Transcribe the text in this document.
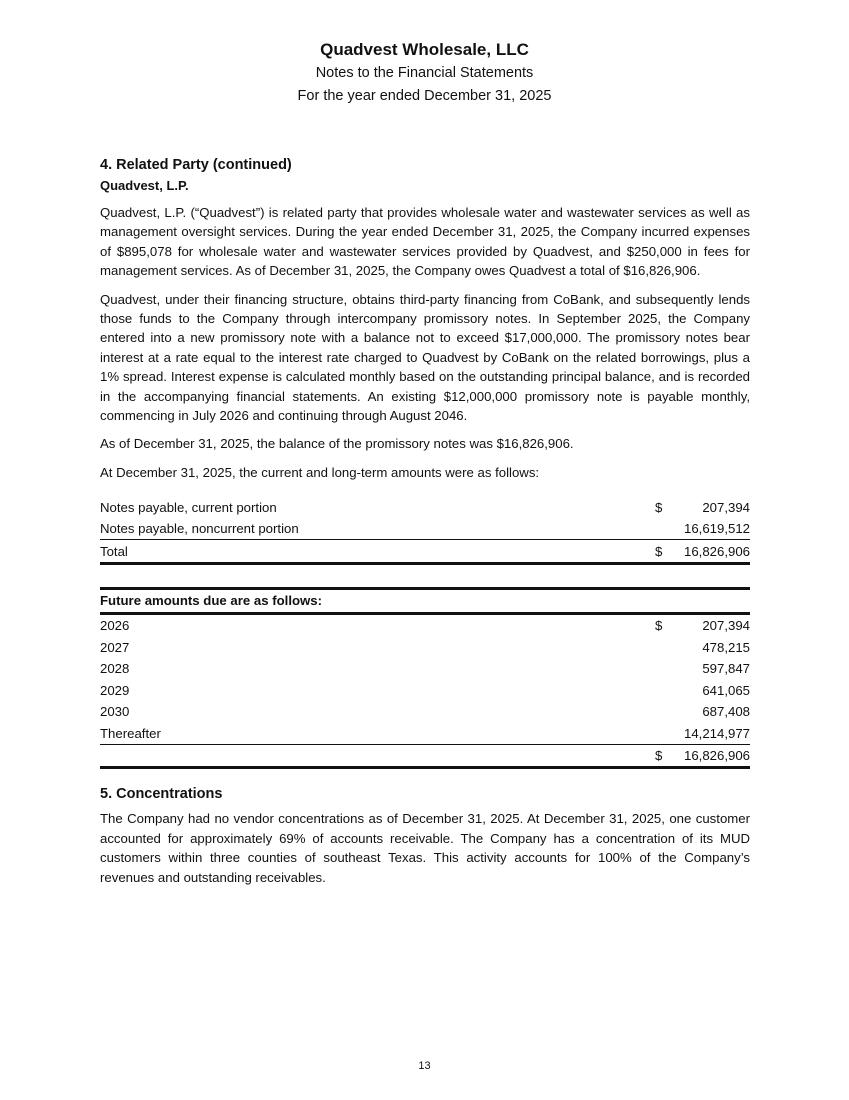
Quadvest Wholesale, LLC
Notes to the Financial Statements
For the year ended December 31, 2025
4. Related Party (continued)
Quadvest, L.P.

Quadvest, L.P. (“Quadvest”) is related party that provides wholesale water and wastewater services as well as management oversight services. During the year ended December 31, 2025, the Company incurred expenses of $895,078 for wholesale water and wastewater services provided by Quadvest, and $250,000 in fees for management services. As of December 31, 2025, the Company owes Quadvest a total of $16,826,906.

Quadvest, under their financing structure, obtains third-party financing from CoBank, and subsequently lends those funds to the Company through intercompany promissory notes. In September 2025, the Company entered into a new promissory note with a balance not to exceed $17,000,000. The promissory notes bear interest at a rate equal to the interest rate charged to Quadvest by CoBank on the related borrowings, plus a 1% spread. Interest expense is calculated monthly based on the outstanding principal balance, and is recorded in the accompanying financial statements. An existing $12,000,000 promissory note is payable monthly, commencing in July 2026 and continuing through August 2046.

As of December 31, 2025, the balance of the promissory notes was $16,826,906.

At December 31, 2025, the current and long-term amounts were as follows:

Notes payable, current portion	$	207,394
Notes payable, noncurrent portion	16,619,512
Total	$	16,826,906
Future amounts due are as follows:
2026	$	207,394
2027	478,215
2028	597,847
2029	641,065
2030	687,408
Thereafter	14,214,977
$	16,826,906
5. Concentrations

The Company had no vendor concentrations as of December 31, 2025. At December 31, 2025, one customer accounted for approximately 69% of accounts receivable. The Company has a concentration of its MUD customers within three counties of southeast Texas. This activity accounts for 100% of the Company’s revenues and outstanding receivables.

13
